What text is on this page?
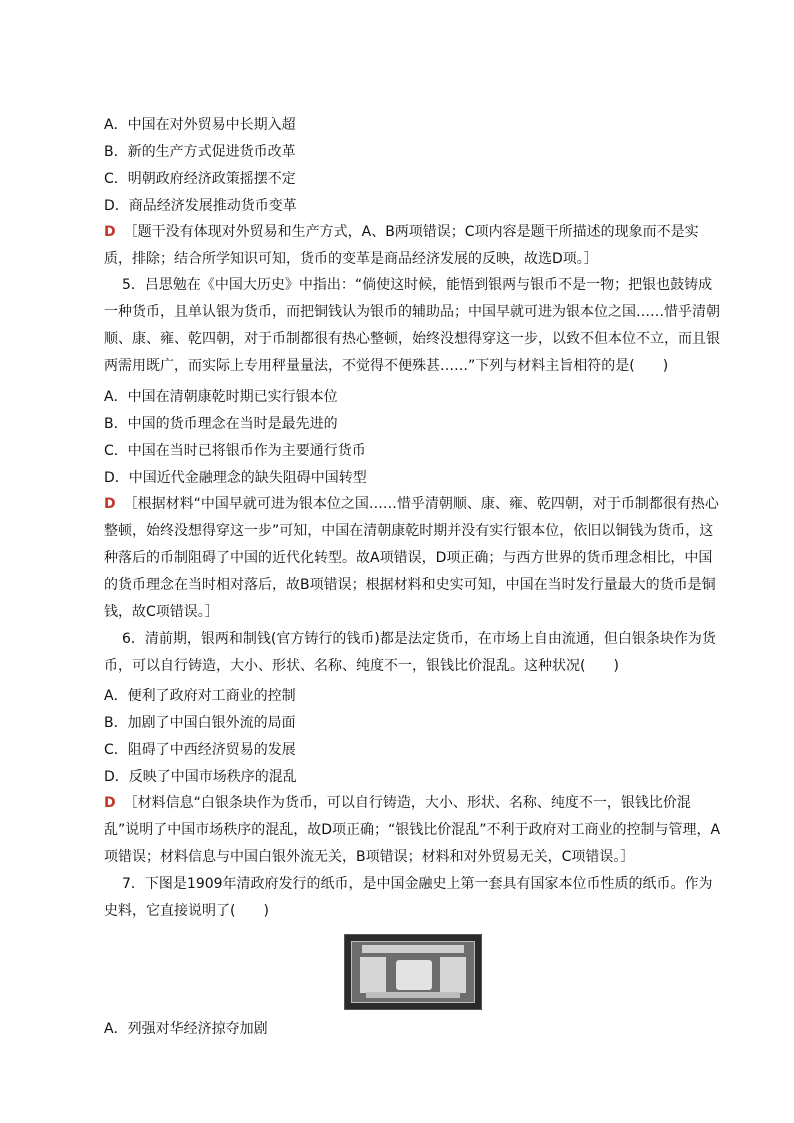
A．中国在对外贸易中长期入超
B．新的生产方式促进货币改革
C．明朝政府经济政策摇摆不定
D．商品经济发展推动货币变革
D ［题干没有体现对外贸易和生产方式，A、B两项错误；C项内容是题干所描述的现象而不是实质，排除；结合所学知识可知，货币的变革是商品经济发展的反映，故选D项。］
5．吕思勉在《中国大历史》中指出：“倘使这时候，能悟到银两与银币不是一物；把银也鼓铸成一种货币，且单认银为货币，而把铜钱认为银币的辅助品；中国早就可进为银本位之国……惜乎清朝顺、康、雍、乾四朝，对于币制都很有热心整顿，始终没想得穿这一步，以致不但本位不立，而且银两需用既广，而实际上专用秤量量法，不觉得不便殊甚……”下列与材料主旨相符的是(　　)
A．中国在清朝康乾时期已实行银本位
B．中国的货币理念在当时是最先进的
C．中国在当时已将银币作为主要通行货币
D．中国近代金融理念的缺失阻碍中国转型
D ［根据材料“中国早就可进为银本位之国……惜乎清朝顺、康、雍、乾四朝，对于币制都很有热心整顿，始终没想得穿这一步”可知，中国在清朝康乾时期并没有实行银本位，依旧以铜钱为货币，这种落后的币制阻碍了中国的近代化转型。故A项错误，D项正确；与西方世界的货币理念相比，中国的货币理念在当时相对落后，故B项错误；根据材料和史实可知，中国在当时发行量最大的货币是铜钱，故C项错误。］
6．清前期，银两和制钱(官方铸行的钱币)都是法定货币，在市场上自由流通，但白银条块作为货币，可以自行铸造，大小、形状、名称、纯度不一，银钱比价混乱。这种状况(　　)
A．便利了政府对工商业的控制
B．加剧了中国白银外流的局面
C．阻碍了中西经济贸易的发展
D．反映了中国市场秩序的混乱
D ［材料信息“白银条块作为货币，可以自行铸造，大小、形状、名称、纯度不一，银钱比价混乱”说明了中国市场秩序的混乱，故D项正确；“银钱比价混乱”不利于政府对工商业的控制与管理，A项错误；材料信息与中国白银外流无关，B项错误；材料和对外贸易无关，C项错误。］
7．下图是1909年清政府发行的纸币，是中国金融史上第一套具有国家本位币性质的纸币。作为史料，它直接说明了(　　)
A．列强对华经济掠夺加剧
